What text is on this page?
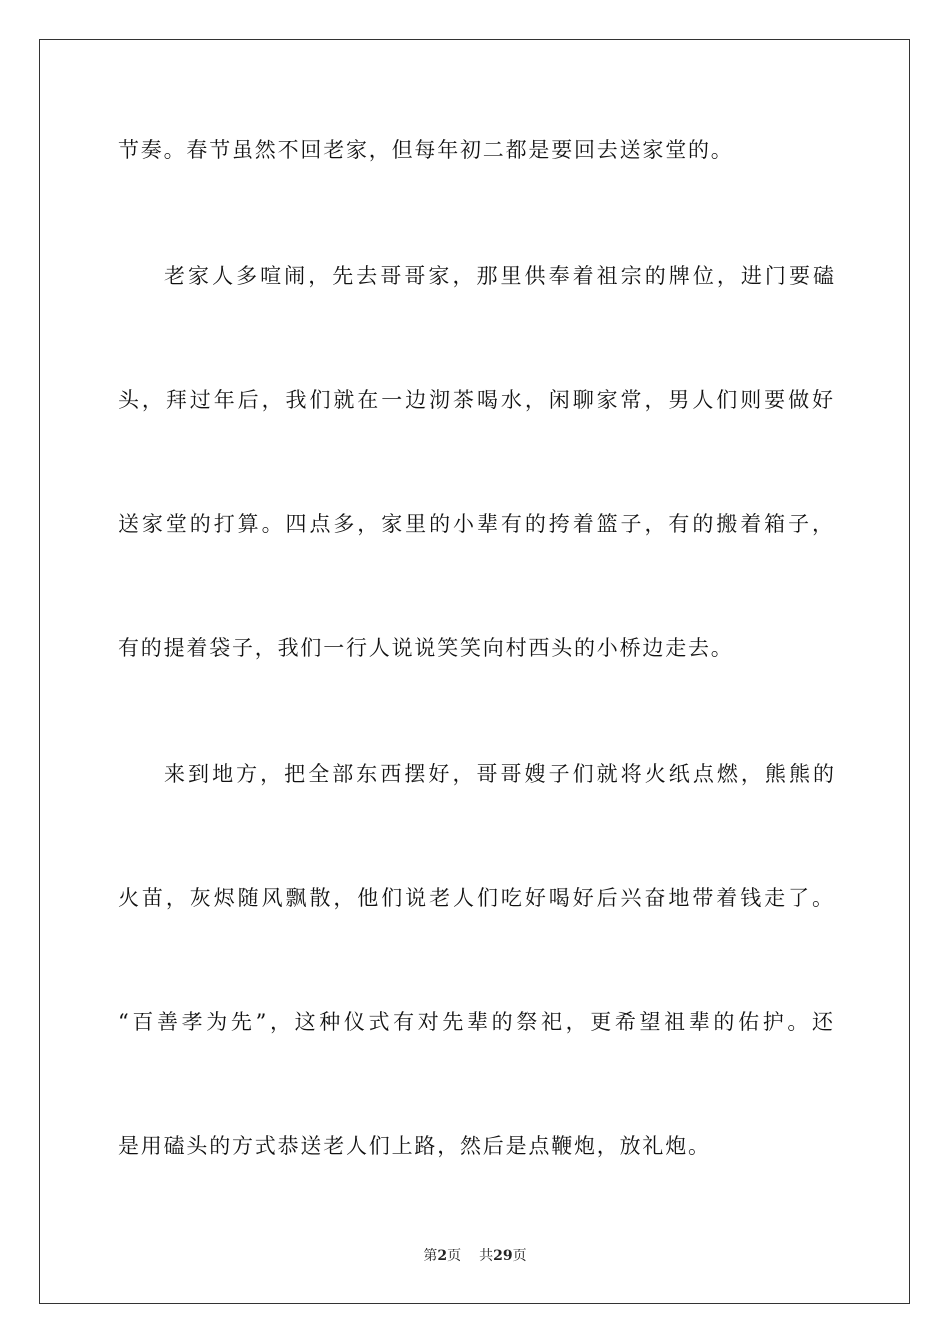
节奏。春节虽然不回老家，但每年初二都是要回去送家堂的。
老家人多喧闹，先去哥哥家，那里供奉着祖宗的牌位，进门要磕
头，拜过年后，我们就在一边沏茶喝水，闲聊家常，男人们则要做好
送家堂的打算。四点多，家里的小辈有的挎着篮子，有的搬着箱子，
有的提着袋子，我们一行人说说笑笑向村西头的小桥边走去。
来到地方，把全部东西摆好，哥哥嫂子们就将火纸点燃，熊熊的
火苗，灰烬随风飘散，他们说老人们吃好喝好后兴奋地带着钱走了。
“百善孝为先”，这种仪式有对先辈的祭祀，更希望祖辈的佑护。还
是用磕头的方式恭送老人们上路，然后是点鞭炮，放礼炮。
第2页 共29页
